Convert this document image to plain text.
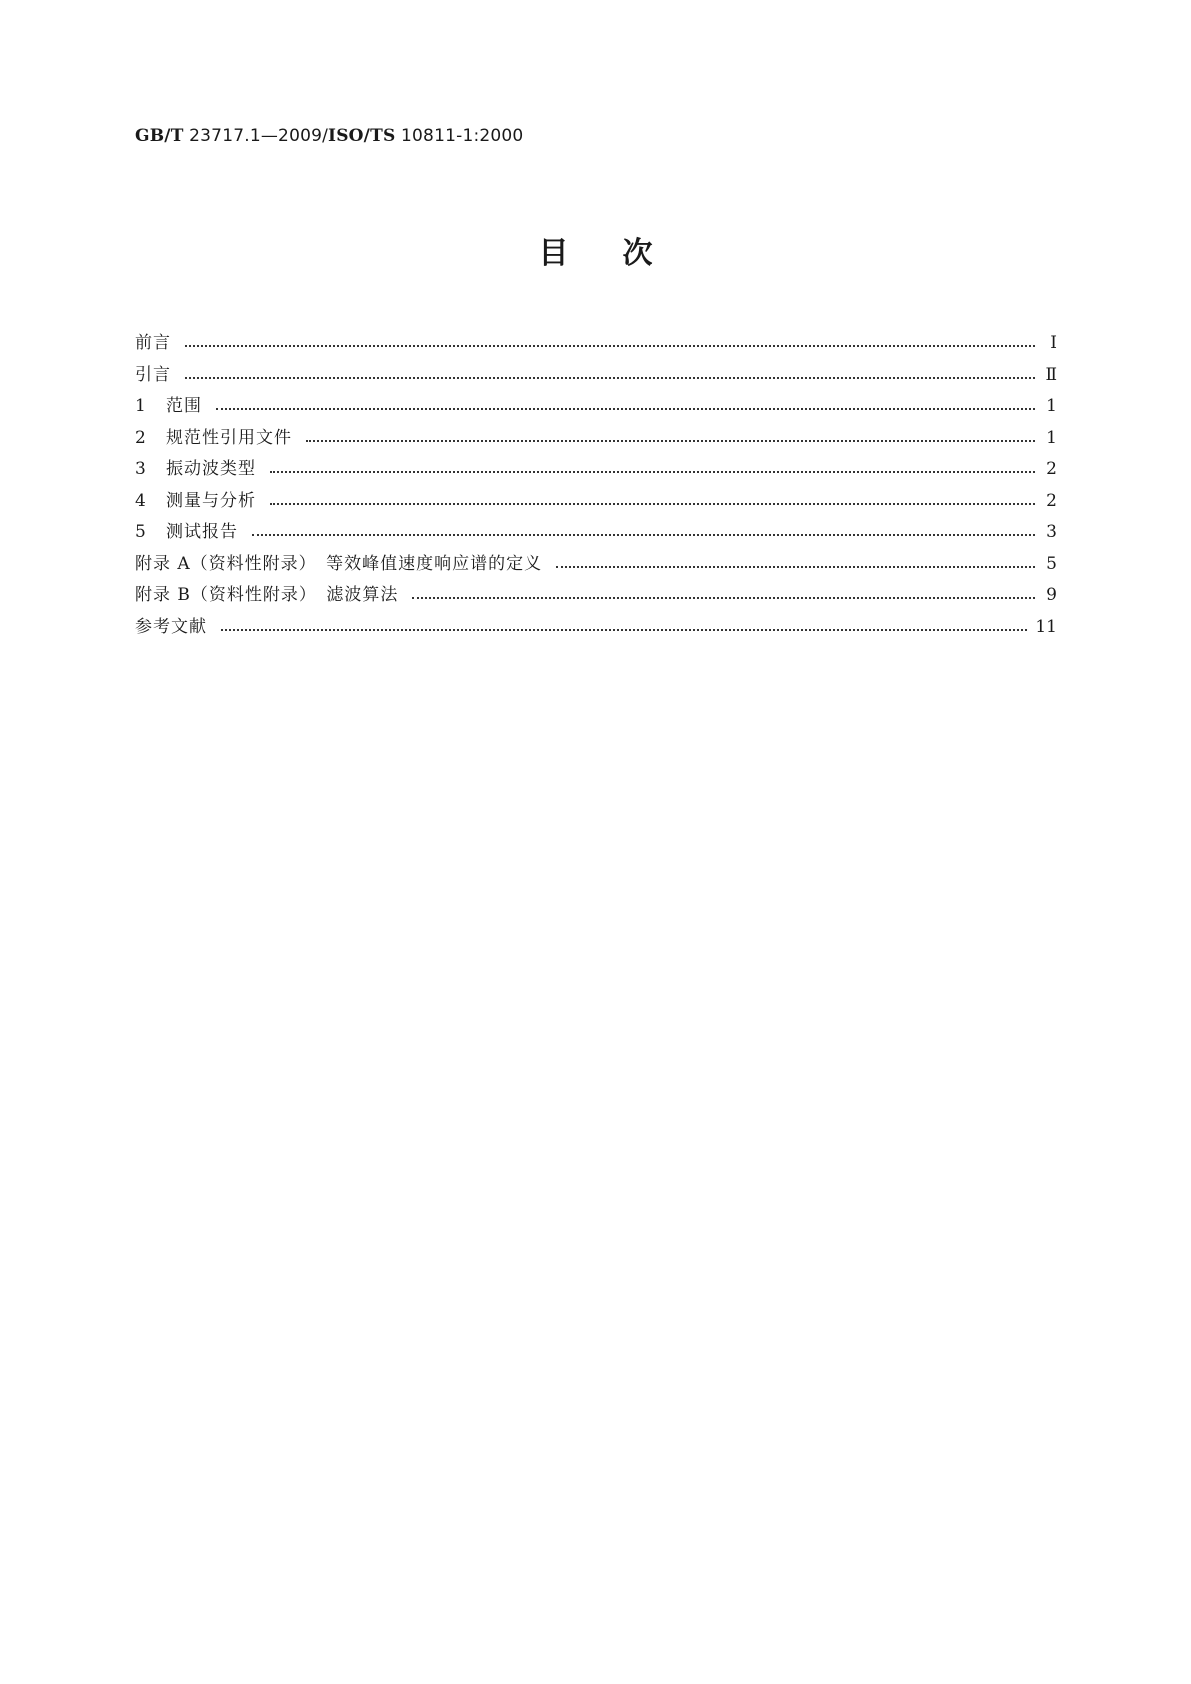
GB/T 23717.1—2009/ISO/TS 10811-1:2000
目次
前言	Ⅰ
引言	Ⅱ
1	范围	1
2	规范性引用文件	1
3	振动波类型	2
4	测量与分析	2
5	测试报告	3
附录 A（资料性附录）　等效峰值速度响应谱的定义	5
附录 B（资料性附录）　滤波算法	9
参考文献	11
